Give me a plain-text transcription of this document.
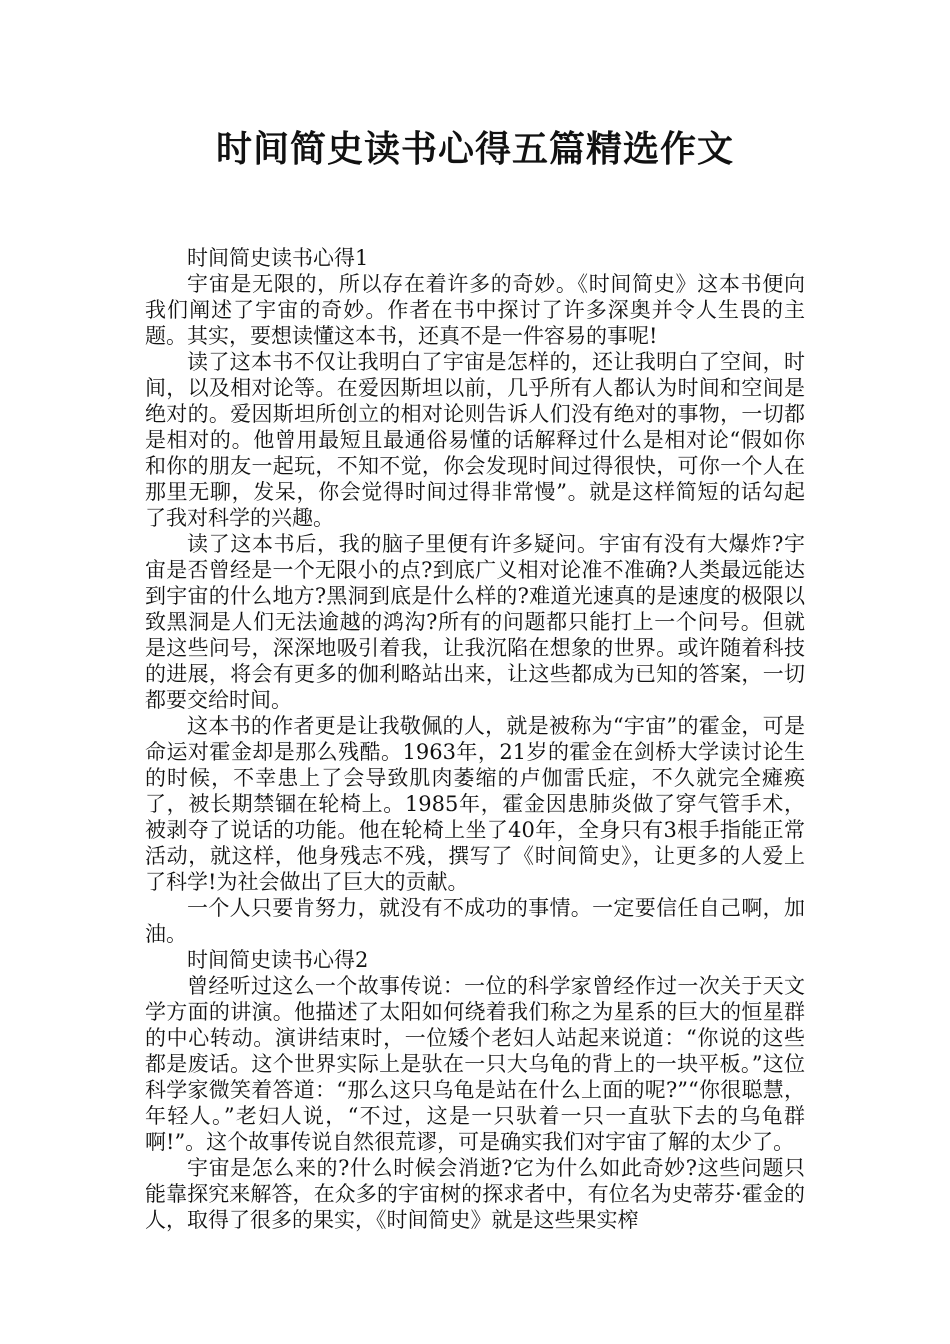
时间简史读书心得五篇精选作文

时间简史读书心得1

宇宙是无限的，所以存在着许多的奇妙。《时间简史》这本书便向我们阐述了宇宙的奇妙。作者在书中探讨了许多深奥并令人生畏的主题。其实，要想读懂这本书，还真不是一件容易的事呢!

读了这本书不仅让我明白了宇宙是怎样的，还让我明白了空间，时间，以及相对论等。在爱因斯坦以前，几乎所有人都认为时间和空间是绝对的。爱因斯坦所创立的相对论则告诉人们没有绝对的事物，一切都是相对的。他曾用最短且最通俗易懂的话解释过什么是相对论“假如你和你的朋友一起玩，不知不觉，你会发现时间过得很快，可你一个人在那里无聊，发呆，你会觉得时间过得非常慢”。就是这样简短的话勾起了我对科学的兴趣。

读了这本书后，我的脑子里便有许多疑问。宇宙有没有大爆炸?宇宙是否曾经是一个无限小的点?到底广义相对论准不准确?人类最远能达到宇宙的什么地方?黑洞到底是什么样的?难道光速真的是速度的极限以致黑洞是人们无法逾越的鸿沟?所有的问题都只能打上一个问号。但就是这些问号，深深地吸引着我，让我沉陷在想象的世界。或许随着科技的进展，将会有更多的伽利略站出来，让这些都成为已知的答案，一切都要交给时间。

这本书的作者更是让我敬佩的人，就是被称为“宇宙”的霍金，可是命运对霍金却是那么残酷。1963年，21岁的霍金在剑桥大学读讨论生的时候，不幸患上了会导致肌肉萎缩的卢伽雷氏症，不久就完全瘫痪了，被长期禁锢在轮椅上。1985年，霍金因患肺炎做了穿气管手术，被剥夺了说话的功能。他在轮椅上坐了40年，全身只有3根手指能正常活动，就这样，他身残志不残，撰写了《时间简史》，让更多的人爱上了科学!为社会做出了巨大的贡献。

一个人只要肯努力，就没有不成功的事情。一定要信任自己啊，加油。

时间简史读书心得2

曾经听过这么一个故事传说：一位的科学家曾经作过一次关于天文学方面的讲演。他描述了太阳如何绕着我们称之为星系的巨大的恒星群的中心转动。演讲结束时，一位矮个老妇人站起来说道：“你说的这些都是废话。这个世界实际上是驮在一只大乌龟的背上的一块平板。”这位科学家微笑着答道：“那么这只乌龟是站在什么上面的呢?”“你很聪慧，年轻人。”老妇人说，“不过，这是一只驮着一只一直驮下去的乌龟群啊!”。这个故事传说自然很荒谬，可是确实我们对宇宙了解的太少了。

宇宙是怎么来的?什么时候会消逝?它为什么如此奇妙?这些问题只能靠探究来解答，在众多的宇宙树的探求者中，有位名为史蒂芬·霍金的人，取得了很多的果实，《时间简史》就是这些果实榨
